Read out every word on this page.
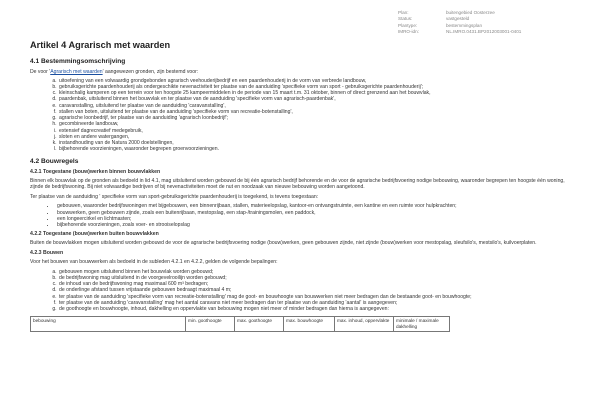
Plan:	buitengebied Oosterzee
Status:	vastgesteld
Plantype:	bestemmingsplan
IMRO-idn:	NL.IMRO.0431.BP2012003001-0401
Artikel 4 Agrarisch met waarden
4.1 Bestemmingsomschrijving

De voor 'Agrarisch met waarden' aangewezen gronden, zijn bestemd voor:

a. uitoefening van een volwaardig grondgebonden agrarisch veehouderijbedrijf en een paardenhouderij in de vorm van verbrede landbouw,
b. gebruiksgerichte paardenhouderij als ondergeschikte nevenactiviteit ter plaatse van de aanduiding 'specifieke vorm van sport - gebruiksgerichte paardenhouderij';
c. kleinschalig kamperen op een terrein voor ten hoogste 25 kampeermiddelen in de periode van 15 maart t.m. 31 oktober, binnen of direct grenzend aan het bouwvlak,
d. paardenbak, uitsluitend binnen het bouwvlak en ter plaatse van de aanduiding 'specifieke vorm van agrarisch-paardenbak',
e. caravanstalling, uitsluitend ter plaatse van de aanduiding 'caravanstalling',
f. stallen van boten, uitsluitend ter plaatse van de aanduiding 'specifieke vorm van recreatie-botenstalling',
g. agrarische loonbedrijf, ter plaatse van de aanduiding 'agrarisch loonbedrijf';
h. gecombineerde landbouw,
i. extensief dagrecreatief medegebruik,
j. sloten en andere watergangen,
k. instandhouding van de Natura 2000 doelstellingen,
l. bijbehorende voorzieningen, waaronder begrepen groenvoorzieningen.
4.2 Bouwregels
4.2.1 Toegestane (bouw)werken binnen bouwvlakken

Binnen elk bouwvlak op de gronden als bedoeld in lid 4.1, mag uitsluitend worden gebouwd de bij één agrarisch bedrijf behorende en de voor de agrarische bedrijfsvoering nodige bebouwing, waaronder begrepen ten hoogste één woning, zijnde de bedrijfswoning. Bij niet volwaardige bedrijven of bij nevenactiviteiten moet de nut en noodzaak van nieuwe bebouwing worden aangetoond.

Ter plaatse van de aanduiding ' specifieke vorm van sport-gebruiksgerichte paardenhouderij is toegekend, is tevens toegestaan:

• gebouwen, waaronder bedrijfswoningen met bijgebouwen, een binnenrijbaan, stallen, materieelopslag, kantoor-en ontvangstruimte, een kantine en een ruimte voor hulpkrachten;
• bouwwerken, geen gebouwen zijnde, zoals een buitenrijbaan, mestopslag, een stap-/trainingsmolen, een paddock,
• een longeercirkel en lichtmasten;
• bijbehorende voorzieningen, zoals voer- en strooiselopslag
4.2.2 Toegestane (bouw)werken buiten bouwvlakken

Buiten de bouwvlakken mogen uitsluitend worden gebouwd de voor de agrarische bedrijfsvoering nodige (bouw)werken, geen gebouwen zijnde, niet zijnde (bouw)werken voor mestopslag, sleufsilo's, mestsilo's, kuilvoerplaten.

4.2.3 Bouwen

Voor het bouwen van bouwwerken als bedoeld in de subleden 4.2.1 en 4.2.2, gelden de volgende bepalingen:

a. gebouwen mogen uitsluitend binnen het bouwvlak worden gebouwd;
b. de bedrijfswoning mag uitsluitend in de voorgevelrooilijn worden gebouwd;
c. de inhoud van de bedrijfswoning mag maximaal 600 m³ bedragen;
d. de onderlinge afstand tussen vrijstaande gebouwen bedraagt maximaal 4 m;
e. ter plaatse van de aanduiding 'specifieke vorm van recreatie-botenstalling' mag de goot- en bouwhoogte van bouwwerken niet meer bedragen dan de bestaande goot- en bouwhoogte;
f. ter plaatse van de aanduiding 'caravanstalling' mag het aantal caravans niet meer bedragen dan ter plaatse van de aanduiding 'aantal' is aangegeven;
g. de goothoogte en bouwhoogte, inhoud, dakhelling en oppervlakte van bebouwing mogen niet meer of minder bedragen dan hierna is aangegeven:
bebouwing	min. goothoogte	max. goothoogte	max. bouwhoogte	max. inhoud, oppervlakte	minimale / maximale dakhelling
